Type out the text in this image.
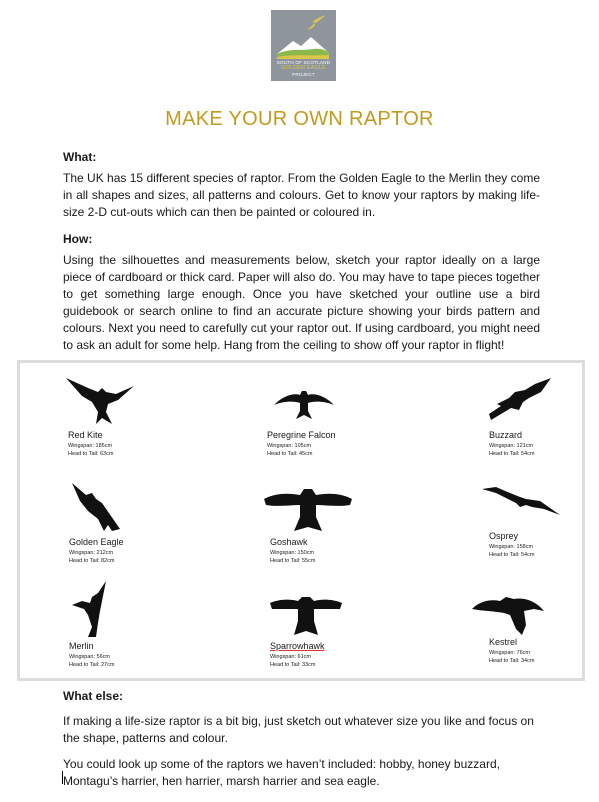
SOUTH OF SCOTLAND
GOLDEN EAGLE
PROJECT
MAKE YOUR OWN RAPTOR
What:

The UK has 15 different species of raptor. From the Golden Eagle to the Merlin they come in all shapes and sizes, all patterns and colours. Get to know your raptors by making life-size 2-D cut-outs which can then be painted or coloured in.

How:

Using the silhouettes and measurements below, sketch your raptor ideally on a large piece of cardboard or thick card. Paper will also do. You may have to tape pieces together to get something large enough. Once you have sketched your outline use a bird guidebook or search online to find an accurate picture showing your birds pattern and colours. Next you need to carefully cut your raptor out. If using cardboard, you might need to ask an adult for some help. Hang from the ceiling to show off your raptor in flight!

Red Kite
Wingspan: 185cm
Head to Tail: 63cm
Peregrine Falcon
Wingspan: 105cm
Head to Tail: 45cm
Buzzard
Wingspan: 121cm
Head to Tail: 54cm
Golden Eagle
Wingspan: 212cm
Head to Tail: 82cm
Goshawk
Wingspan: 150cm
Head to Tail: 55cm
Osprey
Wingspan: 158cm
Head to Tail: 54cm
Merlin
Wingspan: 56cm
Head to Tail: 27cm
Sparrowhawk
Wingspan: 61cm
Head to Tail: 33cm
Kestrel
Wingspan: 76cm
Head to Tail: 34cm
What else:

If making a life-size raptor is a bit big, just sketch out whatever size you like and focus on the shape, patterns and colour.

You could look up some of the raptors we haven’t included: hobby, honey buzzard, Montagu’s harrier, hen harrier, marsh harrier and sea eagle.
